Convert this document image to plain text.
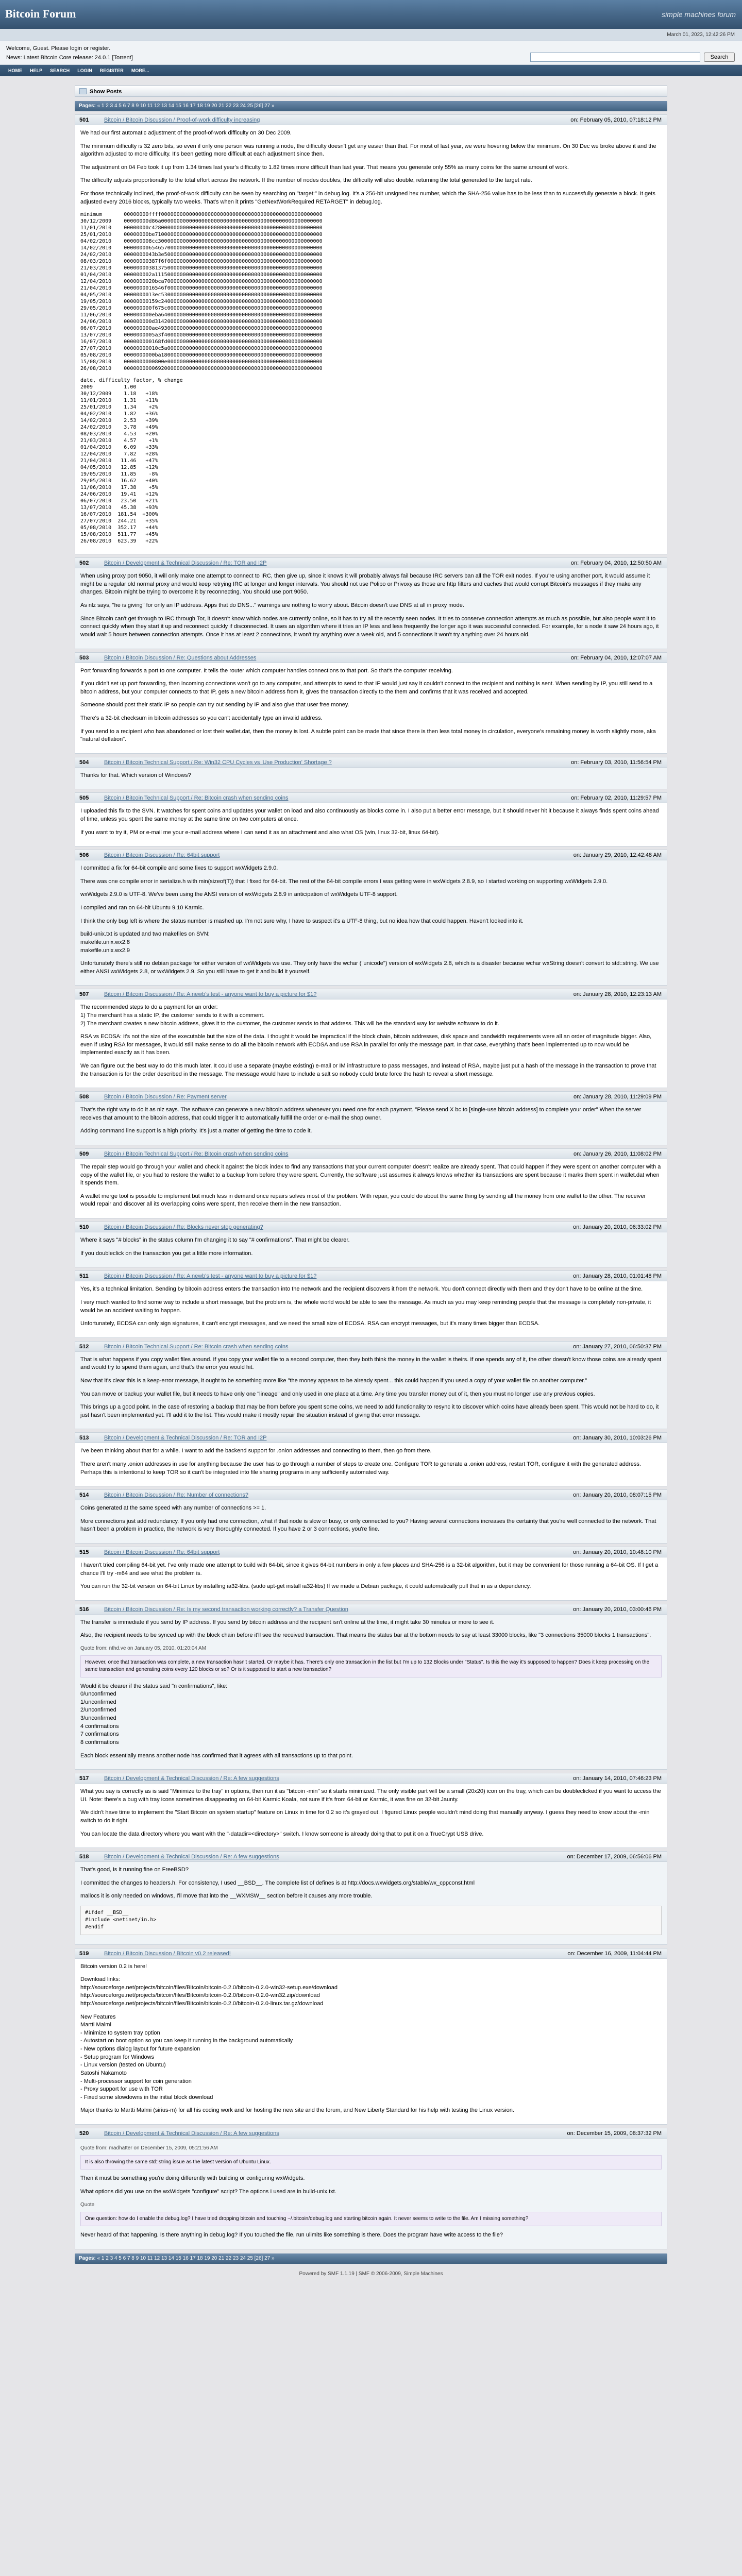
Bitcoin Forum	simple machines forum
March 01, 2023, 12:42:26 PM
Welcome, Guest. Please login or register.
News: Latest Bitcoin Core release: 24.0.1 [Torrent]	Search
HOME HELP SEARCH LOGIN REGISTER MORE...
Show Posts
Pages: « 1 2 3 4 5 6 7 8 9 10 11 12 13 14 15 16 17 18 19 20 21 22 23 24 25 [26] 27 »
501	Bitcoin / Bitcoin Discussion / Proof-of-work difficulty increasing	on: February 05, 2010, 07:18:12 PM

We had our first automatic adjustment of the proof-of-work difficulty on 30 Dec 2009.

The minimum difficulty is 32 zero bits, so even if only one person was running a node, the difficulty doesn't get any easier than that. For most of last year, we were hovering below the minimum. On 30 Dec we broke above it and the algorithm adjusted to more difficulty. It's been getting more difficult at each adjustment since then.

The adjustment on 04 Feb took it up from 1.34 times last year's difficulty to 1.82 times more difficult than last year. That means you generate only 55% as many coins for the same amount of work.

The difficulty adjusts proportionally to the total effort across the network. If the number of nodes doubles, the difficulty will also double, returning the total generated to the target rate.

For those technically inclined, the proof-of-work difficulty can be seen by searching on "target:" in debug.log. It's a 256-bit unsigned hex number, which the SHA-256 value has to be less than to successfully generate a block. It gets adjusted every 2016 blocks, typically two weeks. That's when it prints "GetNextWorkRequired RETARGET" in debug.log.

minimum       00000000ffff0000000000000000000000000000000000000000000000000000
30/12/2009    00000000d86a0000000000000000000000000000000000000000000000000000
11/01/2010    00000000c4280000000000000000000000000000000000000000000000000000
25/01/2010    00000000be710000000000000000000000000000000000000000000000000000
04/02/2010    000000008cc30000000000000000000000000000000000000000000000000000
14/02/2010    0000000065465700000000000000000000000000000000000000000000000000
24/02/2010    0000000043b3e500000000000000000000000000000000000000000000000000
08/03/2010    00000000387f6f00000000000000000000000000000000000000000000000000
21/03/2010    0000000038137500000000000000000000000000000000000000000000000000
01/04/2010    000000002a111500000000000000000000000000000000000000000000000000
12/04/2010    0000000020bca700000000000000000000000000000000000000000000000000
21/04/2010    0000000016546f00000000000000000000000000000000000000000000000000
04/05/2010    0000000013ec5300000000000000000000000000000000000000000000000000
19/05/2010    00000000159c2400000000000000000000000000000000000000000000000000
29/05/2010    000000000f675c00000000000000000000000000000000000000000000000000
11/06/2010    000000000eba6400000000000000000000000000000000000000000000000000
24/06/2010    000000000d314200000000000000000000000000000000000000000000000000
06/07/2010    000000000ae49300000000000000000000000000000000000000000000000000
13/07/2010    0000000005a3f400000000000000000000000000000000000000000000000000
16/07/2010    000000000168fd00000000000000000000000000000000000000000000000000
27/07/2010    00000000010c5a00000000000000000000000000000000000000000000000000
05/08/2010    0000000000ba1800000000000000000000000000000000000000000000000000
15/08/2010    0000000000800e00000000000000000000000000000000000000000000000000
26/08/2010    0000000000692000000000000000000000000000000000000000000000000000
date, difficulty factor, % change
2009          1.00
30/12/2009    1.18   +18%
11/01/2010    1.31   +11%
25/01/2010    1.34    +2%
04/02/2010    1.82   +36%
14/02/2010    2.53   +39%
24/02/2010    3.78   +49%
08/03/2010    4.53   +20%
21/03/2010    4.57    +1%
01/04/2010    6.09   +33%
12/04/2010    7.82   +28%
21/04/2010   11.46   +47%
04/05/2010   12.85   +12%
19/05/2010   11.85    -8%
29/05/2010   16.62   +40%
11/06/2010   17.38    +5%
24/06/2010   19.41   +12%
06/07/2010   23.50   +21%
13/07/2010   45.38   +93%
16/07/2010  181.54  +300%
27/07/2010  244.21   +35%
05/08/2010  352.17   +44%
15/08/2010  511.77   +45%
26/08/2010  623.39   +22%
502	Bitcoin / Development & Technical Discussion / Re: TOR and I2P	on: February 04, 2010, 12:50:50 AM

When using proxy port 9050, it will only make one attempt to connect to IRC, then give up, since it knows it will probably always fail because IRC servers ban all the TOR exit nodes. If you're using another port, it would assume it might be a regular old normal proxy and would keep retrying IRC at longer and longer intervals. You should not use Polipo or Privoxy as those are http filters and caches that would corrupt Bitcoin's messages if they make any changes. Bitcoin might be trying to overcome it by reconnecting. You should use port 9050.

As nlz says, "he is giving" for only an IP address. Apps that do DNS..." warnings are nothing to worry about. Bitcoin doesn't use DNS at all in proxy mode.

Since Bitcoin can't get through to IRC through Tor, it doesn't know which nodes are currently online, so it has to try all the recently seen nodes. It tries to conserve connection attempts as much as possible, but also people want it to connect quickly when they start it up and reconnect quickly if disconnected. It uses an algorithm where it tries an IP less and less frequently the longer ago it was successful connected. For example, for a node it saw 24 hours ago, it would wait 5 hours between connection attempts. Once it has at least 2 connections, it won't try anything over a week old, and 5 connections it won't try anything over 24 hours old.

503	Bitcoin / Bitcoin Discussion / Re: Questions about Addresses	on: February 04, 2010, 12:07:07 AM

Port forwarding forwards a port to one computer. It tells the router which computer handles connections to that port. So that's the computer receiving.

If you didn't set up port forwarding, then incoming connections won't go to any computer, and attempts to send to that IP would just say it couldn't connect to the recipient and nothing is sent. When sending by IP, you still send to a bitcoin address, but your computer connects to that IP, gets a new bitcoin address from it, gives the transaction directly to the them and confirms that it was received and accepted.

Someone should post their static IP so people can try out sending by IP and also give that user free money.

There's a 32-bit checksum in bitcoin addresses so you can't accidentally type an invalid address.

If you send to a recipient who has abandoned or lost their wallet.dat, then the money is lost. A subtle point can be made that since there is then less total money in circulation, everyone's remaining money is worth slightly more, aka "natural deflation".

504	Bitcoin / Bitcoin Technical Support / Re: Win32 CPU Cycles vs 'Use Production' Shortage ?	on: February 03, 2010, 11:56:54 PM

Thanks for that. Which version of Windows?

505	Bitcoin / Bitcoin Technical Support / Re: Bitcoin crash when sending coins	on: February 02, 2010, 11:29:57 PM

I uploaded this fix to the SVN. It watches for spent coins and updates your wallet on load and also continuously as blocks come in. I also put a better error message, but it should never hit it because it always finds spent coins ahead of time, unless you spent the same money at the same time on two computers at once.

If you want to try it, PM or e-mail me your e-mail address where I can send it as an attachment and also what OS (win, linux 32-bit, linux 64-bit).

506	Bitcoin / Bitcoin Discussion / Re: 64bit support	on: January 29, 2010, 12:42:48 AM

I committed a fix for 64-bit compile and some fixes to support wxWidgets 2.9.0.

There was one compile error in serialize.h with min(sizeof(T)) that I fixed for 64-bit. The rest of the 64-bit compile errors I was getting were in wxWidgets 2.8.9, so I started working on supporting wxWidgets 2.9.0.

wxWidgets 2.9.0 is UTF-8. We've been using the ANSI version of wxWidgets 2.8.9 in anticipation of wxWidgets UTF-8 support.

I compiled and ran on 64-bit Ubuntu 9.10 Karmic.

I think the only bug left is where the status number is mashed up. I'm not sure why, I have to suspect it's a UTF-8 thing, but no idea how that could happen. Haven't looked into it.

build-unix.txt is updated and two makefiles on SVN:
makefile.unix.wx2.8
makefile.unix.wx2.9

Unfortunately there's still no debian package for either version of wxWidgets we use. They only have the wchar ("unicode") version of wxWidgets 2.8, which is a disaster because wchar wxString doesn't convert to std::string. We use either ANSI wxWidgets 2.8, or wxWidgets 2.9. So you still have to get it and build it yourself.

507	Bitcoin / Bitcoin Discussion / Re: A newb's test - anyone want to buy a picture for $1?	on: January 28, 2010, 12:23:13 AM

The recommended steps to do a payment for an order:
1) The merchant has a static IP, the customer sends to it with a comment.
2) The merchant creates a new bitcoin address, gives it to the customer, the customer sends to that address. This will be the standard way for website software to do it.

RSA vs ECDSA: it's not the size of the executable but the size of the data. I thought it would be impractical if the block chain, bitcoin addresses, disk space and bandwidth requirements were all an order of magnitude bigger. Also, even if using RSA for messages, it would still make sense to do all the bitcoin network with ECDSA and use RSA in parallel for only the message part. In that case, everything that's been implemented up to now would be implemented exactly as it has been.

We can figure out the best way to do this much later. It could use a separate (maybe existing) e-mail or IM infrastructure to pass messages, and instead of RSA, maybe just put a hash of the message in the transaction to prove that the transaction is for the order described in the message. The message would have to include a salt so nobody could brute force the hash to reveal a short message.

508	Bitcoin / Bitcoin Discussion / Re: Payment server	on: January 28, 2010, 11:29:09 PM

That's the right way to do it as nlz says. The software can generate a new bitcoin address whenever you need one for each payment. "Please send X bc to [single-use bitcoin address] to complete your order" When the server receives that amount to the bitcoin address, that could trigger it to automatically fulfill the order or e-mail the shop owner.

Adding command line support is a high priority. It's just a matter of getting the time to code it.

509	Bitcoin / Bitcoin Technical Support / Re: Bitcoin crash when sending coins	on: January 26, 2010, 11:08:02 PM

The repair step would go through your wallet and check it against the block index to find any transactions that your current computer doesn't realize are already spent. That could happen if they were spent on another computer with a copy of the wallet file, or you had to restore the wallet to a backup from before they were spent. Currently, the software just assumes it always knows whether its transactions are spent because it marks them spent in wallet.dat when it spends them.

A wallet merge tool is possible to implement but much less in demand once repairs solves most of the problem. With repair, you could do about the same thing by sending all the money from one wallet to the other. The receiver would repair and discover all its overlapping coins were spent, then receive them in the new transaction.

510	Bitcoin / Bitcoin Discussion / Re: Blocks never stop generating?	on: January 20, 2010, 06:33:02 PM

Where it says "# blocks" in the status column I'm changing it to say "# confirmations". That might be clearer.

If you doubleclick on the transaction you get a little more information.

511	Bitcoin / Bitcoin Discussion / Re: A newb's test - anyone want to buy a picture for $1?	on: January 28, 2010, 01:01:48 PM

Yes, it's a technical limitation. Sending by bitcoin address enters the transaction into the network and the recipient discovers it from the network. You don't connect directly with them and they don't have to be online at the time.

I very much wanted to find some way to include a short message, but the problem is, the whole world would be able to see the message. As much as you may keep reminding people that the message is completely non-private, it would be an accident waiting to happen.

Unfortunately, ECDSA can only sign signatures, it can't encrypt messages, and we need the small size of ECDSA. RSA can encrypt messages, but it's many times bigger than ECDSA.

512	Bitcoin / Bitcoin Technical Support / Re: Bitcoin crash when sending coins	on: January 27, 2010, 06:50:37 PM

That is what happens if you copy wallet files around. If you copy your wallet file to a second computer, then they both think the money in the wallet is theirs. If one spends any of it, the other doesn't know those coins are already spent and would try to spend them again, and that's the error you would hit.

Now that it's clear this is a keep-error message, it ought to be something more like "the money appears to be already spent... this could happen if you used a copy of your wallet file on another computer."

You can move or backup your wallet file, but it needs to have only one "lineage" and only used in one place at a time. Any time you transfer money out of it, then you must no longer use any previous copies.

This brings up a good point. In the case of restoring a backup that may be from before you spent some coins, we need to add functionality to resync it to discover which coins have already been spent. This would not be hard to do, it just hasn't been implemented yet. I'll add it to the list. This would make it mostly repair the situation instead of giving that error message.

513	Bitcoin / Development & Technical Discussion / Re: TOR and I2P	on: January 30, 2010, 10:03:26 PM

I've been thinking about that for a while. I want to add the backend support for .onion addresses and connecting to them, then go from there.

There aren't many .onion addresses in use for anything because the user has to go through a number of steps to create one. Configure TOR to generate a .onion address, restart TOR, configure it with the generated address. Perhaps this is intentional to keep TOR so it can't be integrated into file sharing programs in any sufficiently automated way.

514	Bitcoin / Bitcoin Discussion / Re: Number of connections?	on: January 20, 2010, 08:07:15 PM

Coins generated at the same speed with any number of connections >= 1.

More connections just add redundancy. If you only had one connection, what if that node is slow or busy, or only connected to you? Having several connections increases the certainty that you're well connected to the network. That hasn't been a problem in practice, the network is very thoroughly connected. If you have 2 or 3 connections, you're fine.

515	Bitcoin / Bitcoin Discussion / Re: 64bit support	on: January 20, 2010, 10:48:10 PM

I haven't tried compiling 64-bit yet. I've only made one attempt to build with 64-bit, since it gives 64-bit numbers in only a few places and SHA-256 is a 32-bit algorithm, but it may be convenient for those running a 64-bit OS. If I get a chance I'll try -m64 and see what the problem is.

You can run the 32-bit version on 64-bit Linux by installing ia32-libs. (sudo apt-get install ia32-libs) If we made a Debian package, it could automatically pull that in as a dependency.

516	Bitcoin / Bitcoin Discussion / Re: Is my second transaction working correctly? a Transfer Question	on: January 20, 2010, 03:00:46 PM

The transfer is immediate if you send by IP address. If you send by bitcoin address and the recipient isn't online at the time, it might take 30 minutes or more to see it.

Also, the recipient needs to be synced up with the block chain before it'll see the received transaction. That means the status bar at the bottom needs to say at least 33000 blocks, like "3 connections 35000 blocks 1 transactions".

Quote from: nthd.ve on January 05, 2010, 01:20:04 AM
However, once that transaction was complete, a new transaction hasn't started. Or maybe it has. There's only one transaction in the list but I'm up to 132 Blocks under "Status". Is this the way it's supposed to happen? Does it keep processing on the same transaction and generating coins every 120 blocks or so? Or is it supposed to start a new transaction?

Would it be clearer if the status said "n confirmations", like:
0/unconfirmed
1/unconfirmed
2/unconfirmed
3/unconfirmed
4 confirmations
7 confirmations
8 confirmations

Each block essentially means another node has confirmed that it agrees with all transactions up to that point.

517	Bitcoin / Development & Technical Discussion / Re: A few suggestions	on: January 14, 2010, 07:46:23 PM

What you say is correctly as is said "Minimize to the tray" in options, then run it as "bitcoin -min" so it starts minimized. The only visible part will be a small (20x20) icon on the tray, which can be doubleclicked if you want to access the UI. Note: there's a bug with tray icons sometimes disappearing on 64-bit Karmic Koala, not sure if it's from 64-bit or Karmic, it was fine on 32-bit Jaunty.

We didn't have time to implement the "Start Bitcoin on system startup" feature on Linux in time for 0.2 so it's grayed out. I figured Linux people wouldn't mind doing that manually anyway. I guess they need to know about the -min switch to do it right.

You can locate the data directory where you want with the "-datadir=<directory>" switch. I know someone is already doing that to put it on a TrueCrypt USB drive.

518	Bitcoin / Development & Technical Discussion / Re: A few suggestions	on: December 17, 2009, 06:56:06 PM

That's good, is it running fine on FreeBSD?

I committed the changes to headers.h. For consistency, I used __BSD__. The complete list of defines is at http://docs.wxwidgets.org/stable/wx_cppconst.html

mallocs it is only needed on windows, I'll move that into the __WXMSW__ section before it causes any more trouble.

#ifdef __BSD__
#include <netinet/in.h>
#endif
519	Bitcoin / Bitcoin Discussion / Bitcoin v0.2 released!	on: December 16, 2009, 11:04:44 PM

Bitcoin version 0.2 is here!

Download links:
http://sourceforge.net/projects/bitcoin/files/Bitcoin/bitcoin-0.2.0/bitcoin-0.2.0-win32-setup.exe/download
http://sourceforge.net/projects/bitcoin/files/Bitcoin/bitcoin-0.2.0/bitcoin-0.2.0-win32.zip/download
http://sourceforge.net/projects/bitcoin/files/Bitcoin/bitcoin-0.2.0/bitcoin-0.2.0-linux.tar.gz/download

New Features
Martti Malmi
- Minimize to system tray option
- Autostart on boot option so you can keep it running in the background automatically
- New options dialog layout for future expansion
- Setup program for Windows
- Linux version (tested on Ubuntu)
Satoshi Nakamoto
- Multi-processor support for coin generation
- Proxy support for use with TOR
- Fixed some slowdowns in the initial block download

Major thanks to Martti Malmi (sirius-m) for all his coding work and for hosting the new site and the forum, and New Liberty Standard for his help with testing the Linux version.

520	Bitcoin / Development & Technical Discussion / Re: A few suggestions	on: December 15, 2009, 08:37:32 PM
Quote from: madhatter on December 15, 2009, 05:21:56 AM
It is also throwing the same std::string issue as the latest version of Ubuntu Linux.

Then it must be something you're doing differently with building or configuring wxWidgets.

What options did you use on the wxWidgets "configure" script? The options I used are in build-unix.txt.

Quote
One question: how do I enable the debug.log? I have tried dropping bitcoin and touching ~/.bitcoin/debug.log and starting bitcoin again. It never seems to write to the file. Am I missing something?

Never heard of that happening. Is there anything in debug.log? If you touched the file, run ulimits like something is there. Does the program have write access to the file?

Pages: « 1 2 3 4 5 6 7 8 9 10 11 12 13 14 15 16 17 18 19 20 21 22 23 24 25 [26] 27 »
Powered by SMF 1.1.19 | SMF © 2006-2009, Simple Machines
